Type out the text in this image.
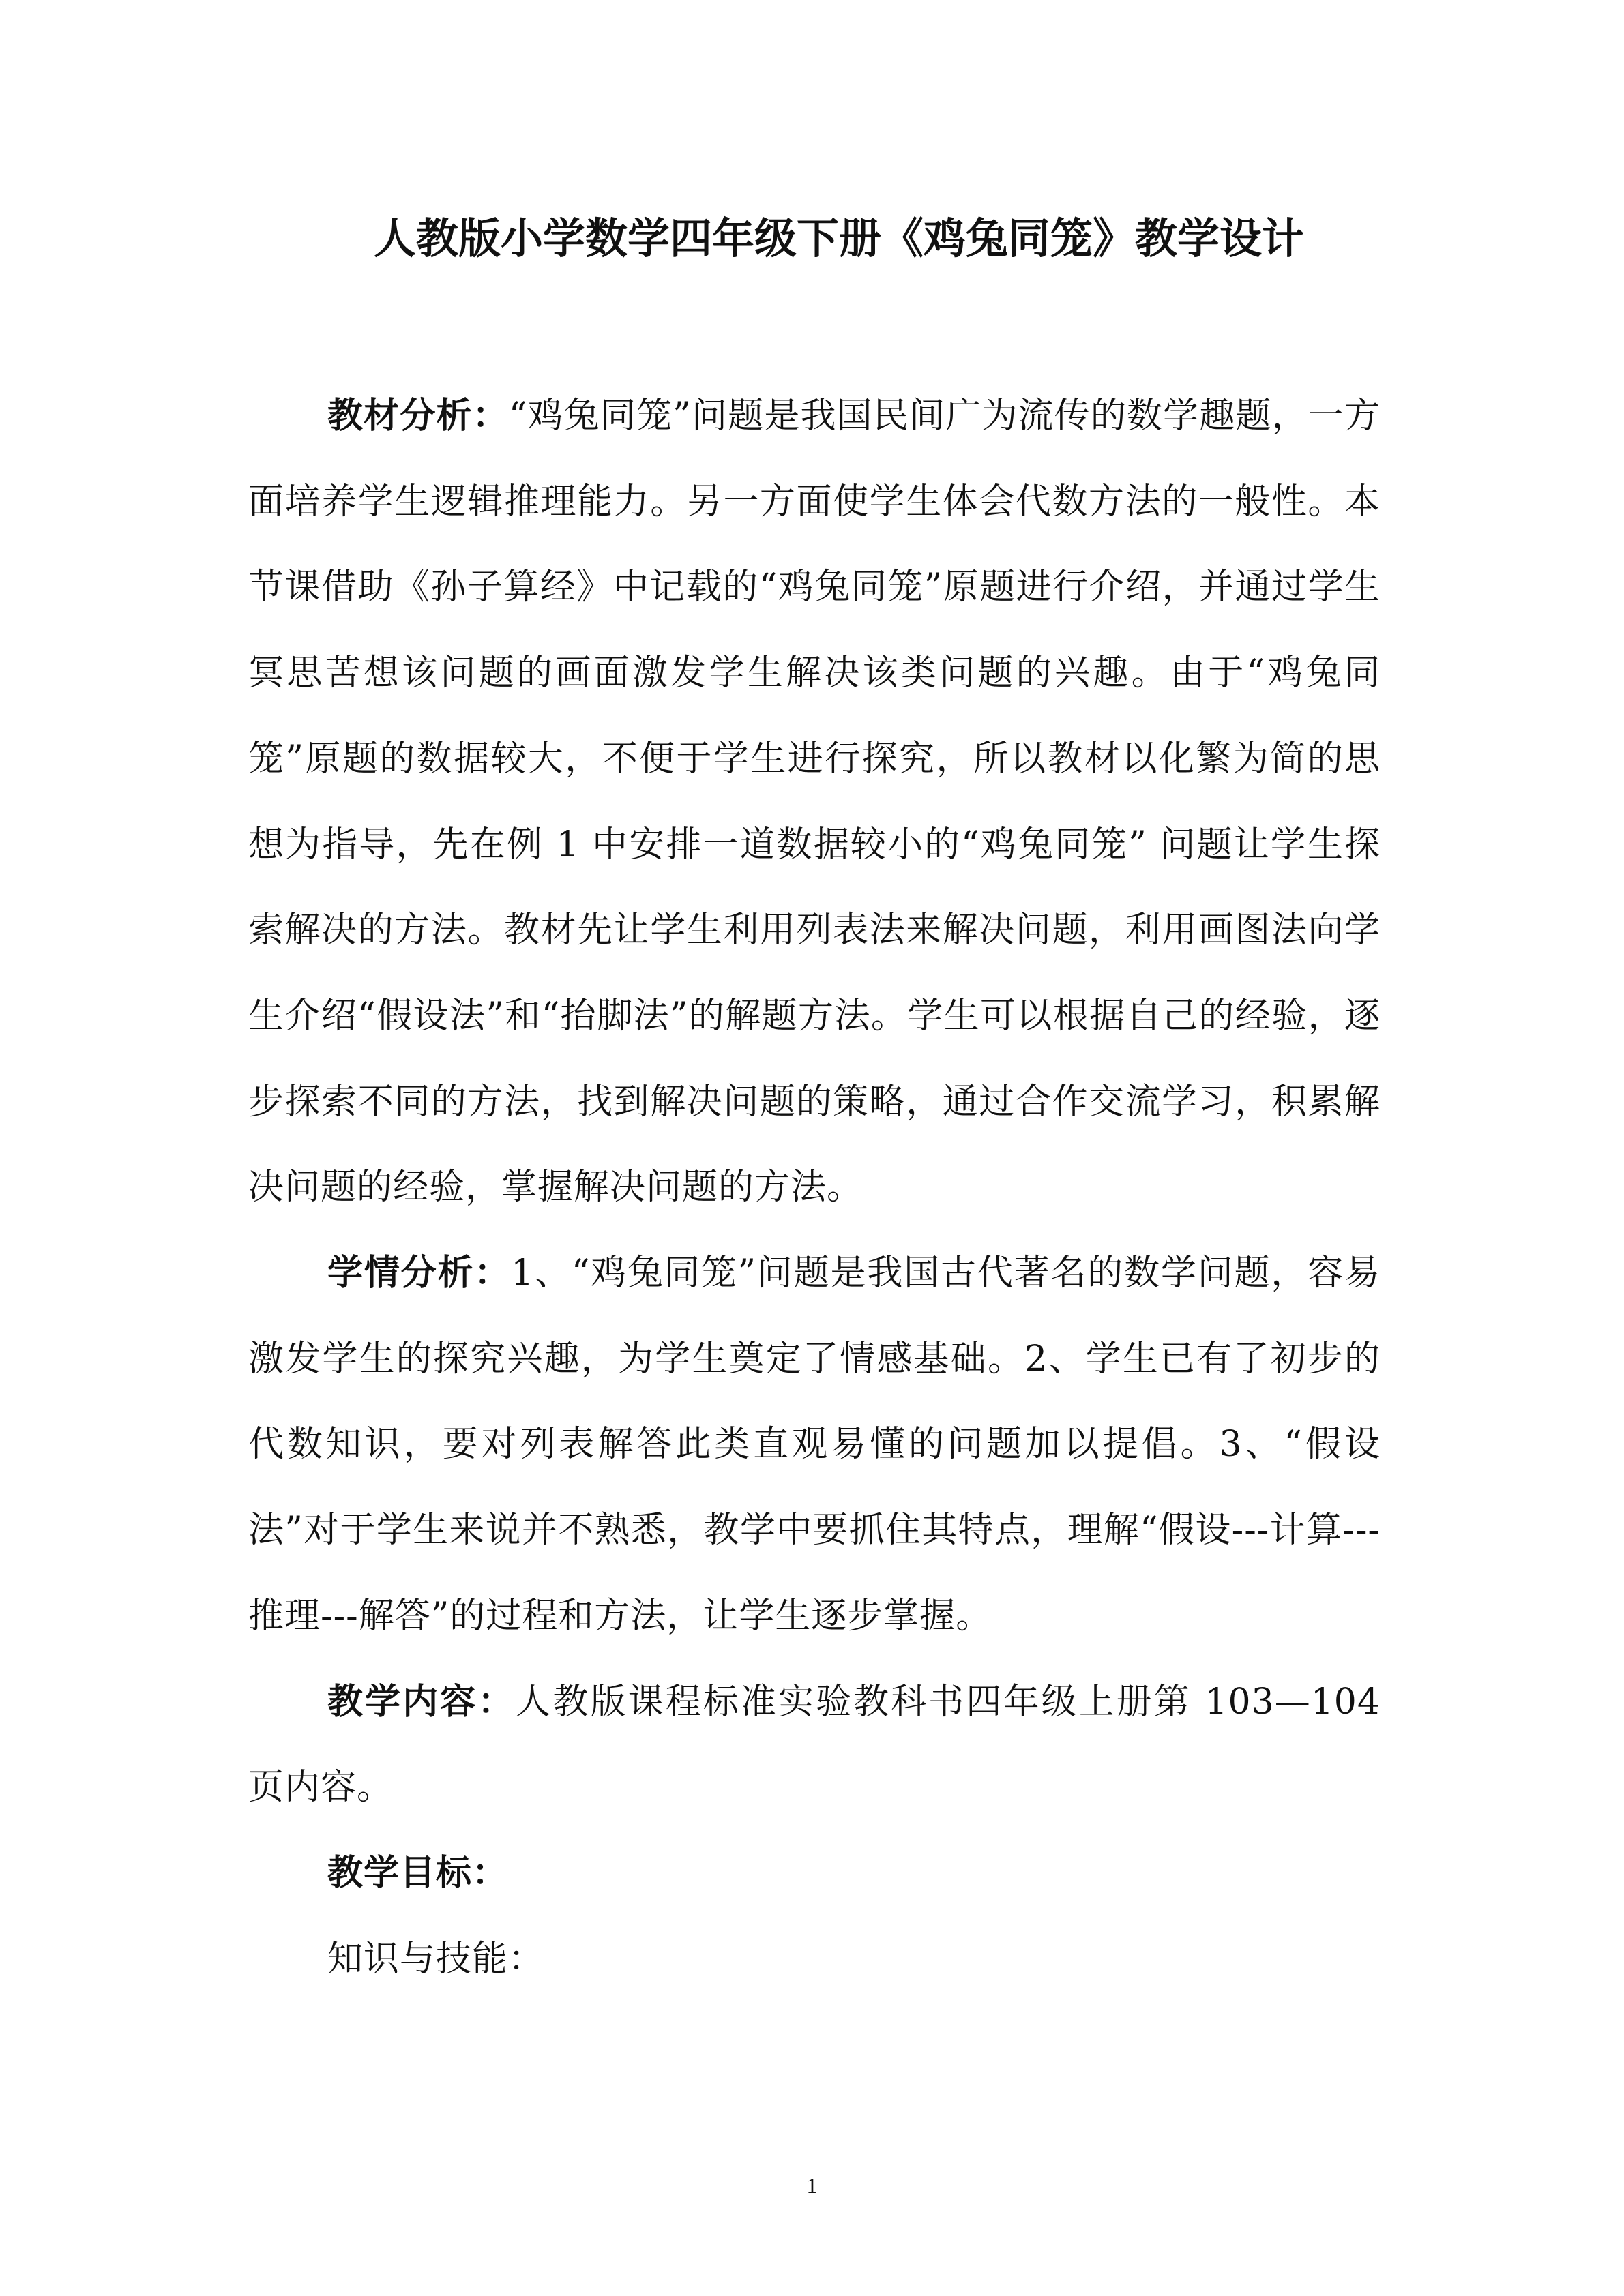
人教版小学数学四年级下册《鸡兔同笼》教学设计

教材分析：“鸡兔同笼”问题是我国民间广为流传的数学趣题，一方面培养学生逻辑推理能力。另一方面使学生体会代数方法的一般性。本节课借助《孙子算经》中记载的“鸡兔同笼”原题进行介绍，并通过学生冥思苦想该问题的画面激发学生解决该类问题的兴趣。由于“鸡兔同笼”原题的数据较大，不便于学生进行探究，所以教材以化繁为简的思想为指导，先在例 1 中安排一道数据较小的“鸡兔同笼” 问题让学生探索解决的方法。教材先让学生利用列表法来解决问题，利用画图法向学生介绍“假设法”和“抬脚法”的解题方法。学生可以根据自己的经验，逐步探索不同的方法，找到解决问题的策略，通过合作交流学习，积累解决问题的经验，掌握解决问题的方法。

学情分析：1、“鸡兔同笼”问题是我国古代著名的数学问题，容易激发学生的探究兴趣，为学生奠定了情感基础。2、学生已有了初步的代数知识，要对列表解答此类直观易懂的问题加以提倡。3、“假设法”对于学生来说并不熟悉，教学中要抓住其特点，理解“假设---计算---推理---解答”的过程和方法，让学生逐步掌握。

教学内容：人教版课程标准实验教科书四年级上册第 103—104 页内容。

教学目标：

知识与技能：

1
